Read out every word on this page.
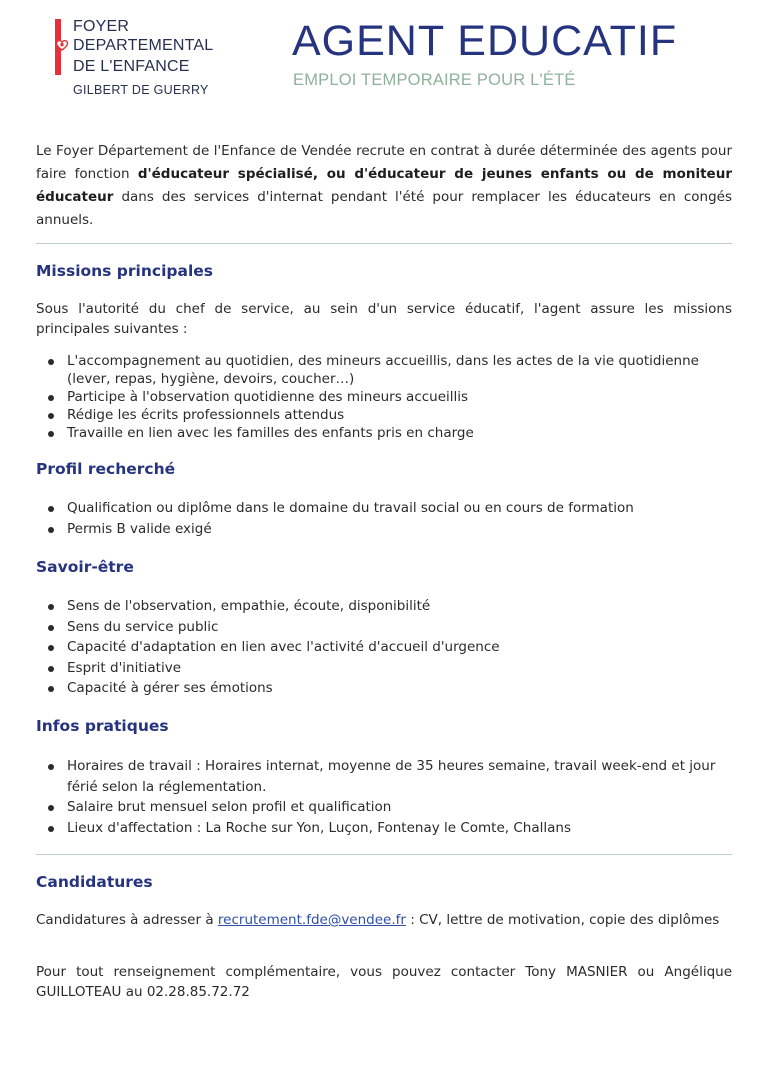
FOYER
DEPARTEMENTAL
DE L'ENFANCE
GILBERT DE GUERRY
AGENT EDUCATIF
EMPLOI TEMPORAIRE POUR L'ÉTÉ

Le Foyer Département de l'Enfance de Vendée recrute en contrat à durée déterminée des agents pour faire fonction d'éducateur spécialisé, ou d'éducateur de jeunes enfants ou de moniteur éducateur dans des services d'internat pendant l'été pour remplacer les éducateurs en congés annuels.

Missions principales

Sous l'autorité du chef de service, au sein d'un service éducatif, l'agent assure les missions principales suivantes :

L'accompagnement au quotidien, des mineurs accueillis, dans les actes de la vie quotidienne (lever, repas, hygiène, devoirs, coucher…)
Participe à l'observation quotidienne des mineurs accueillis
Rédige les écrits professionnels attendus
Travaille en lien avec les familles des enfants pris en charge
Profil recherché
Qualification ou diplôme dans le domaine du travail social ou en cours de formation
Permis B valide exigé
Savoir-être
Sens de l'observation, empathie, écoute, disponibilité
Sens du service public
Capacité d'adaptation en lien avec l'activité d'accueil d'urgence
Esprit d'initiative
Capacité à gérer ses émotions
Infos pratiques
Horaires de travail : Horaires internat, moyenne de 35 heures semaine, travail week-end et jour férié selon la réglementation.
Salaire brut mensuel selon profil et qualification
Lieux d'affectation : La Roche sur Yon, Luçon, Fontenay le Comte, Challans
Candidatures

Candidatures à adresser à recrutement.fde@vendee.fr : CV, lettre de motivation, copie des diplômes

Pour tout renseignement complémentaire, vous pouvez contacter Tony MASNIER ou Angélique GUILLOTEAU au 02.28.85.72.72
